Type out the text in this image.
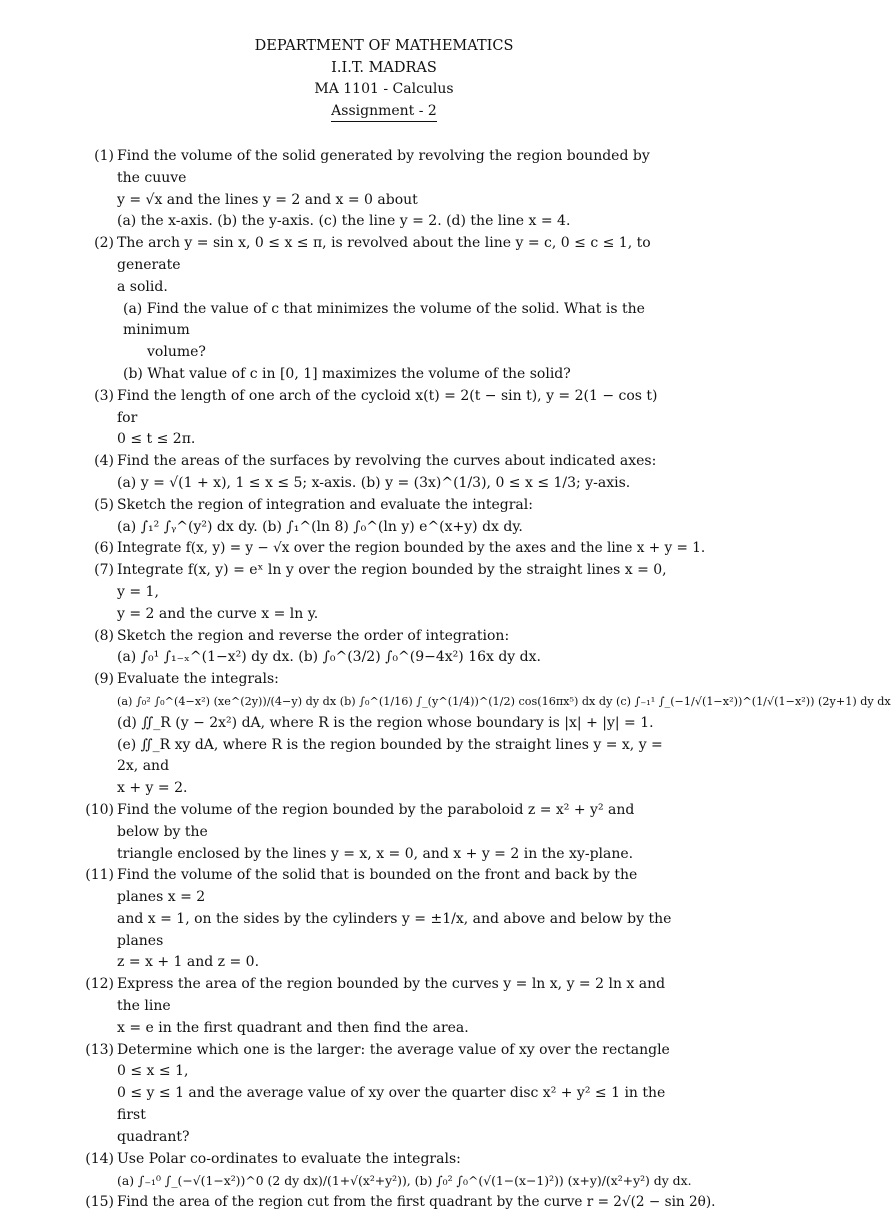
DEPARTMENT OF MATHEMATICS
I.I.T. MADRAS
MA 1101 - Calculus
Assignment - 2
(1) Find the volume of the solid generated by revolving the region bounded by the cuuve
y = √x and the lines y = 2 and x = 0 about
(a) the x-axis. (b) the y-axis. (c) the line y = 2. (d) the line x = 4.
(2) The arch y = sin x, 0 ≤ x ≤ π, is revolved about the line y = c, 0 ≤ c ≤ 1, to generate
a solid.
(a) Find the value of c that minimizes the volume of the solid. What is the minimum
volume?
(b) What value of c in [0, 1] maximizes the volume of the solid?
(3) Find the length of one arch of the cycloid x(t) = 2(t − sin t), y = 2(1 − cos t) for
0 ≤ t ≤ 2π.
(4) Find the areas of the surfaces by revolving the curves about indicated axes:
(a) y = √(1 + x), 1 ≤ x ≤ 5; x-axis. (b) y = (3x)^(1/3), 0 ≤ x ≤ 1/3; y-axis.
(5) Sketch the region of integration and evaluate the integral:
(a) ∫₁² ∫ᵧ^(y²) dx dy. (b) ∫₁^(ln 8) ∫₀^(ln y) e^(x+y) dx dy.
(6) Integrate f(x, y) = y − √x over the region bounded by the axes and the line x + y = 1.
(7) Integrate f(x, y) = eˣ ln y over the region bounded by the straight lines x = 0, y = 1,
y = 2 and the curve x = ln y.
(8) Sketch the region and reverse the order of integration:
(a) ∫₀¹ ∫₁₋ₓ^(1−x²) dy dx. (b) ∫₀^(3/2) ∫₀^(9−4x²) 16x dy dx.
(9) Evaluate the integrals:
(a) ∫₀² ∫₀^(4−x²) (xe^(2y))/(4−y) dy dx (b) ∫₀^(1/16) ∫_(y^(1/4))^(1/2) cos(16πx⁵) dx dy (c) ∫₋₁¹ ∫_(−1/√(1−x²))^(1/√(1−x²)) (2y+1) dy dx
(d) ∬_R (y − 2x²) dA, where R is the region whose boundary is |x| + |y| = 1.
(e) ∬_R xy dA, where R is the region bounded by the straight lines y = x, y = 2x, and
x + y = 2.
(10) Find the volume of the region bounded by the paraboloid z = x² + y² and below by the
triangle enclosed by the lines y = x, x = 0, and x + y = 2 in the xy-plane.
(11) Find the volume of the solid that is bounded on the front and back by the planes x = 2
and x = 1, on the sides by the cylinders y = ±1/x, and above and below by the planes
z = x + 1 and z = 0.
(12) Express the area of the region bounded by the curves y = ln x, y = 2 ln x and the line
x = e in the first quadrant and then find the area.
(13) Determine which one is the larger: the average value of xy over the rectangle 0 ≤ x ≤ 1,
0 ≤ y ≤ 1 and the average value of xy over the quarter disc x² + y² ≤ 1 in the first
quadrant?
(14) Use Polar co-ordinates to evaluate the integrals:
(a) ∫₋₁⁰ ∫_(−√(1−x²))^0 (2 dy dx)/(1+√(x²+y²)), (b) ∫₀² ∫₀^(√(1−(x−1)²)) (x+y)/(x²+y²) dy dx.
(15) Find the area of the region cut from the first quadrant by the curve r = 2√(2 − sin 2θ).
